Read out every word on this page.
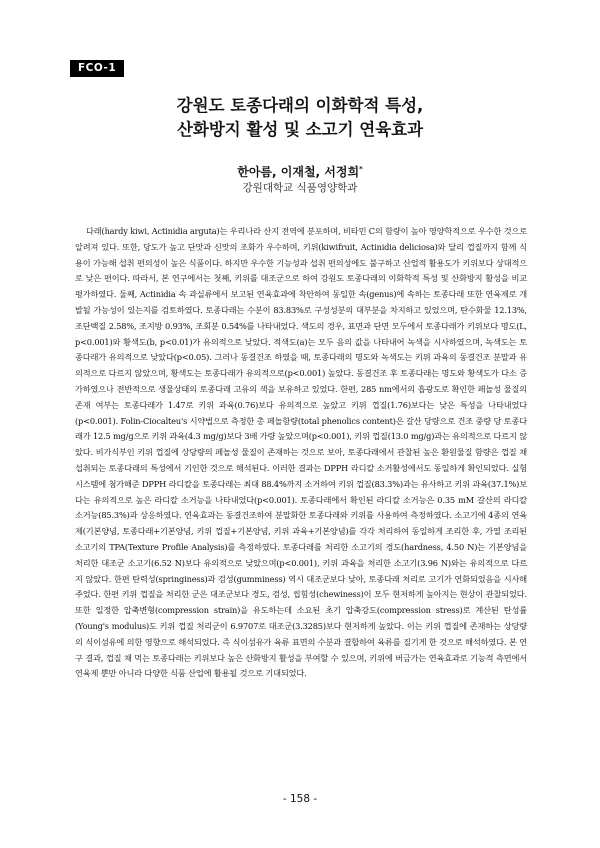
FCO-1
강원도 토종다래의 이화학적 특성,
산화방지 활성 및 소고기 연육효과
한아름, 이재철, 서정희*
강원대학교 식품영양학과

다래(hardy kiwi, Actinidia arguta)는 우리나라 산지 전역에 분포하며, 비타민 C의 함량이 높아 영양학적으로 우수한 것으로 알려져 있다. 또한, 당도가 높고 단맛과 신맛의 조화가 우수하며, 키위(kiwifruit, Actinidia deliciosa)와 달리 껍질까지 함께 식용이 가능해 섭취 편의성이 높은 식품이다. 하지만 우수한 기능성과 섭취 편의성에도 불구하고 산업적 활용도가 키위보다 상대적으로 낮은 편이다. 따라서, 본 연구에서는 첫째, 키위를 대조군으로 하여 강원도 토종다래의 이화학적 특성 및 산화방지 활성을 비교 평가하였다. 둘째, Actinidia 속 과실류에서 보고된 연육효과에 착안하여 동일한 속(genus)에 속하는 토종다래 또한 연육제로 개발될 가능성이 있는지를 검토하였다. 토종다래는 수분이 83.83%로 구성성분의 대부분을 차지하고 있었으며, 탄수화물 12.13%, 조단백질 2.58%, 조지방 0.93%, 조회분 0.54%를 나타내었다. 색도의 경우, 표면과 단면 모두에서 토종다래가 키위보다 명도(L, p<0.001)와 황색도(b, p<0.01)가 유의적으로 낮았다. 적색도(a)는 모두 음의 값을 나타내어 녹색을 시사하였으며, 녹색도는 토종다래가 유의적으로 낮았다(p<0.05). 그러나 동결건조 하였을 때, 토종다래의 명도와 녹색도는 키위 과육의 동결건조 분말과 유의적으로 다르지 않았으며, 황색도는 토종다래가 유의적으로(p<0.001) 높았다. 동결건조 후 토종다래는 명도와 황색도가 다소 증가하였으나 전반적으로 생물상태의 토종다래 고유의 색을 보유하고 있었다. 한편, 285 nm에서의 흡광도로 확인한 페놀성 물질의 존재 여부는 토종다래가 1.47로 키위 과육(0.76)보다 유의적으로 높았고 키위 껍질(1.76)보다는 낮은 특성을 나타내었다(p<0.001). Folin-Ciocalteu's 시약법으로 측정한 총 페놀함량(total phenolics content)은 갈산 당량으로 건조 중량 당 토종다래가 12.5 mg/g으로 키위 과육(4.3 mg/g)보다 3배 가량 높았으며(p<0.001), 키위 껍질(13.0 mg/g)과는 유의적으로 다르지 않았다. 비가식부인 키위 껍질에 상당량의 페놀성 물질이 존재하는 것으로 보아, 토종다래에서 관찰된 높은 환원물질 함량은 껍질 채 섭취되는 토종다래의 특성에서 기인한 것으로 해석된다. 이러한 결과는 DPPH 라디칼 소거활성에서도 동일하게 확인되었다. 실험 시스템에 첨가해준 DPPH 라디칼을 토종다래는 최대 88.4%까지 소거하여 키위 껍질(83.3%)과는 유사하고 키위 과육(37.1%)보다는 유의적으로 높은 라디칼 소거능을 나타내었다(p<0.001). 토종다래에서 확인된 라디칼 소거능은 0.35 mM 갈산의 라디칼 소거능(85.3%)과 상응하였다. 연육효과는 동결건조하여 분말화한 토종다래와 키위를 사용하여 측정하였다. 소고기에 4종의 연육제(기본양념, 토종다래+기본양념, 키위 껍질+기본양념, 키위 과육+기본양념)를 각각 처리하여 동일하게 조리한 후, 가열 조리된 소고기의 TPA(Texture Profile Analysis)를 측정하였다. 토종다래를 처리한 소고기의 경도(hardness, 4.50 N)는 기본양념을 처리한 대조군 소고기(6.52 N)보다 유의적으로 낮았으며(p<0.001), 키위 과육을 처리한 소고기(3.96 N)와는 유의적으로 다르지 않았다. 한편 탄력성(springiness)과 검성(gumminess) 역시 대조군보다 낮아, 토종다래 처리로 고기가 연화되었음을 시사해주었다. 한편 키위 껍질을 처리한 군은 대조군보다 경도, 검성, 씹힘성(chewiness)이 모두 현저하게 높아지는 현상이 관찰되었다. 또한 일정한 압축변형(compression strain)을 유도하는데 소요된 초기 압축강도(compression stress)로 계산된 탄성률(Young's modulus)도 키위 껍질 처리군이 6.9707로 대조군(3.3285)보다 현저하게 높았다. 이는 키위 껍질에 존재하는 상당량의 식이섬유에 의한 영향으로 해석되었다. 즉 식이섬유가 육류 표면의 수분과 결합하여 육류를 질기게 한 것으로 해석하였다. 본 연구 결과, 껍질 채 먹는 토종다래는 키위보다 높은 산화방지 활성을 부여할 수 있으며, 키위에 버금가는 연육효과로 기능적 측면에서 연육제 뿐만 아니라 다양한 식품 산업에 활용될 것으로 기대되었다.

- 158 -
